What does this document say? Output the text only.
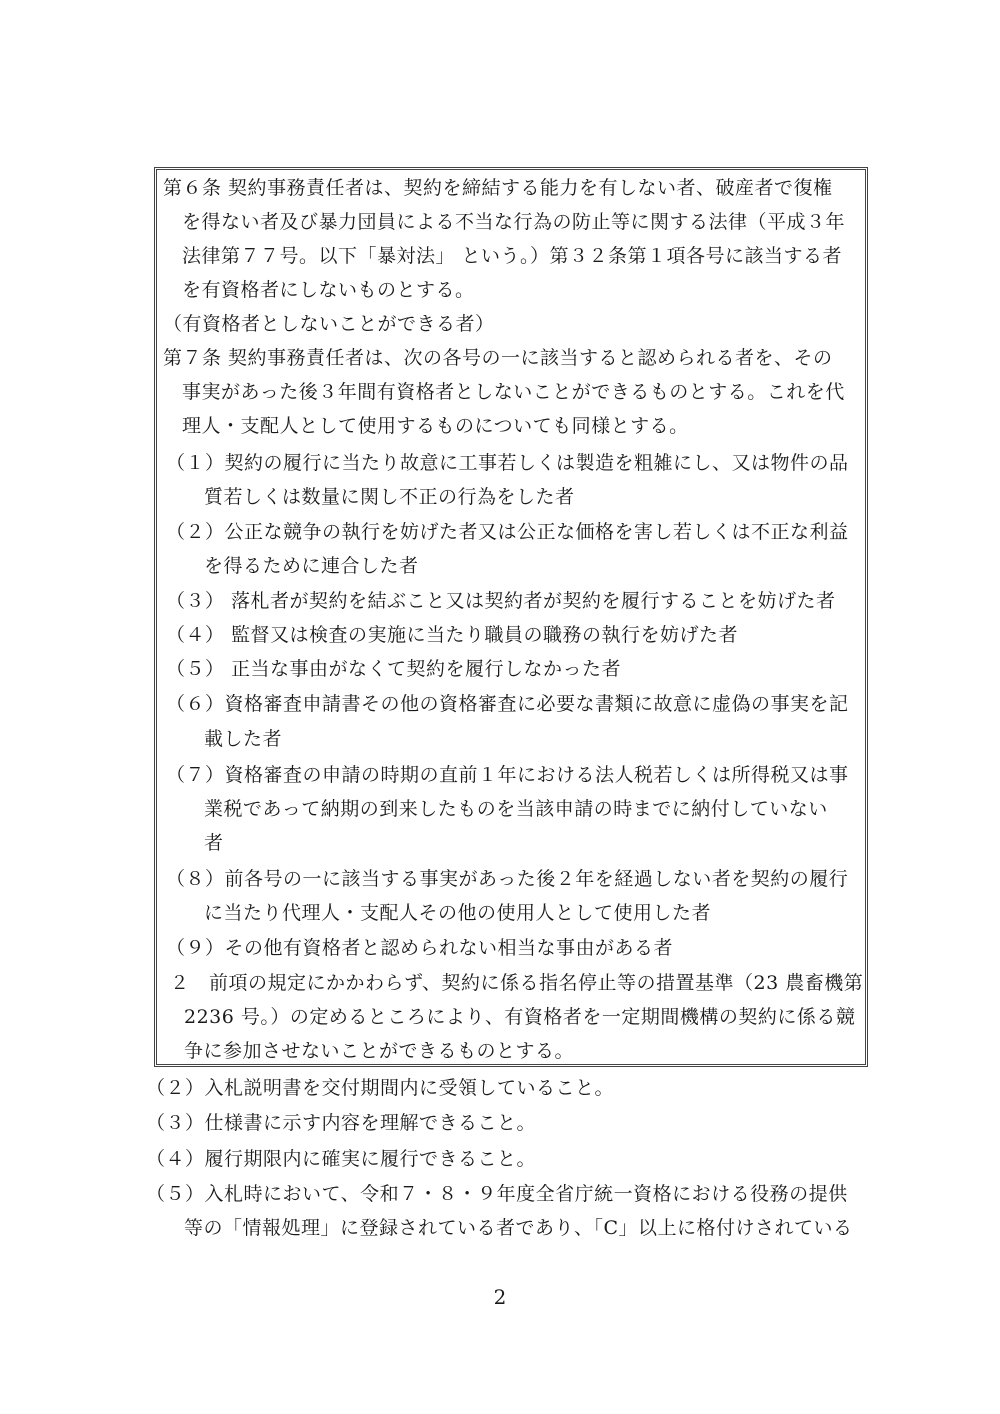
第６条 契約事務責任者は、契約を締結する能力を有しない者、破産者で復権
を得ない者及び暴力団員による不当な行為の防止等に関する法律（平成３年
法律第７７号。以下「暴対法」 という。）第３２条第１項各号に該当する者
を有資格者にしないものとする。
（有資格者としないことができる者）
第７条 契約事務責任者は、次の各号の一に該当すると認められる者を、その
事実があった後３年間有資格者としないことができるものとする。これを代
理人・支配人として使用するものについても同様とする。
（１）契約の履行に当たり故意に工事若しくは製造を粗雑にし、又は物件の品
質若しくは数量に関し不正の行為をした者
（２）公正な競争の執行を妨げた者又は公正な価格を害し若しくは不正な利益
を得るために連合した者
（３） 落札者が契約を結ぶこと又は契約者が契約を履行することを妨げた者
（４） 監督又は検査の実施に当たり職員の職務の執行を妨げた者
（５） 正当な事由がなくて契約を履行しなかった者
（６）資格審査申請書その他の資格審査に必要な書類に故意に虚偽の事実を記
載した者
（７）資格審査の申請の時期の直前１年における法人税若しくは所得税又は事
業税であって納期の到来したものを当該申請の時までに納付していない
者
（８）前各号の一に該当する事実があった後２年を経過しない者を契約の履行
に当たり代理人・支配人その他の使用人として使用した者
（９）その他有資格者と認められない相当な事由がある者
２　前項の規定にかかわらず、契約に係る指名停止等の措置基準（23 農畜機第
2236 号。）の定めるところにより、有資格者を一定期間機構の契約に係る競
争に参加させないことができるものとする。
（２）入札説明書を交付期間内に受領していること。
（３）仕様書に示す内容を理解できること。
（４）履行期限内に確実に履行できること。
（５）入札時において、令和７・８・９年度全省庁統一資格における役務の提供
等の「情報処理」に登録されている者であり、「C」以上に格付けされている
2
